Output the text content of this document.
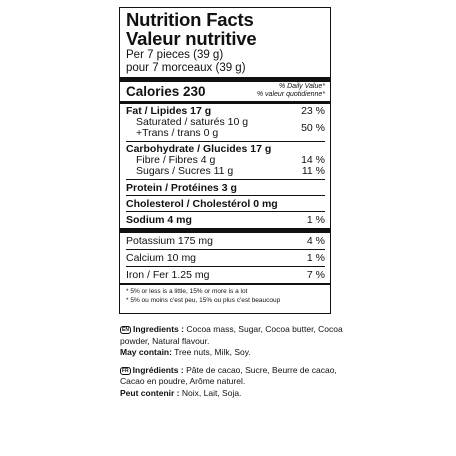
Nutrition Facts
Valeur nutritive
Per 7 pieces (39 g)
pour 7 morceaux (39 g)
Calories 230	% Daily Value*
% valeur quotidienne*
Fat / Lipides 17 g	23 %
Saturated / saturés 10 g
+Trans / trans 0 g	50 %
Carbohydrate / Glucides 17 g
Fibre / Fibres 4 g	14 %
Sugars / Sucres 11 g	11 %
Protein / Protéines 3 g
Cholesterol / Cholestérol 0 mg
Sodium 4 mg	1 %
Potassium 175 mg	4 %
Calcium 10 mg	1 %
Iron / Fer 1.25 mg	7 %
* 5% or less is a little, 15% or more is a lot
* 5% ou moins c'est peu, 15% ou plus c'est beaucoup
EN Ingredients : Cocoa mass, Sugar, Cocoa butter, Cocoa powder, Natural flavour.
May contain: Tree nuts, Milk, Soy.
FR Ingrédients : Pâte de cacao, Sucre, Beurre de cacao, Cacao en poudre, Arôme naturel.
Peut contenir : Noix, Lait, Soja.
